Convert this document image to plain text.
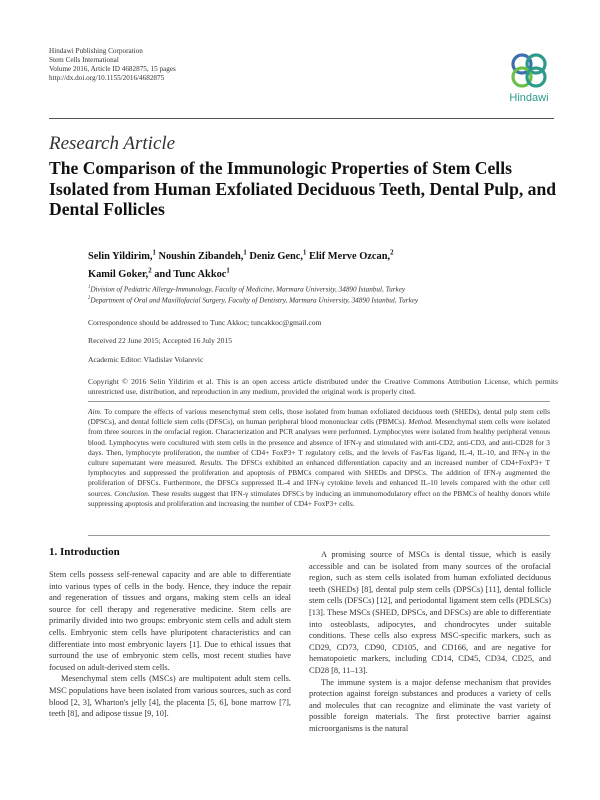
Hindawi Publishing Corporation
Stem Cells International
Volume 2016, Article ID 4682875, 15 pages
http://dx.doi.org/10.1155/2016/4682875
Hindawi
Research Article
The Comparison of the Immunologic Properties of Stem Cells Isolated from Human Exfoliated Deciduous Teeth, Dental Pulp, and Dental Follicles
Selin Yildirim,$^1$ Noushin Zibandeh,$^1$ Deniz Genc,$^1$ Elif Merve Ozcan,$^2$
Kamil Goker,$^2$ and Tunc Akkoc$^1$
$^1$Division of Pediatric Allergy-Immunology, Faculty of Medicine, Marmara University, 34890 Istanbul, Turkey
$^2$Department of Oral and Maxillofacial Surgery, Faculty of Dentistry, Marmara University, 34890 Istanbul, Turkey
Correspondence should be addressed to Tunc Akkoc; tuncakkoc@gmail.com
Received 22 June 2015; Accepted 16 July 2015
Academic Editor: Vladislav Volarevic
Copyright © 2016 Selin Yildirim et al. This is an open access article distributed under the Creative Commons Attribution License, which permits unrestricted use, distribution, and reproduction in any medium, provided the original work is properly cited.
Aim. To compare the effects of various mesenchymal stem cells, those isolated from human exfoliated deciduous teeth (SHEDs), dental pulp stem cells (DPSCs), and dental follicle stem cells (DFSCs), on human peripheral blood mononuclear cells (PBMCs). Method. Mesenchymal stem cells were isolated from three sources in the orofacial region. Characterization and PCR analyses were performed. Lymphocytes were isolated from healthy peripheral venous blood. Lymphocytes were cocultured with stem cells in the presence and absence of IFN-γ and stimulated with anti-CD2, anti-CD3, and anti-CD28 for 3 days. Then, lymphocyte proliferation, the number of CD4+ FoxP3+ T regulatory cells, and the levels of Fas/Fas ligand, IL-4, IL-10, and IFN-γ in the culture supernatant were measured. Results. The DFSCs exhibited an enhanced differentiation capacity and an increased number of CD4+FoxP3+ T lymphocytes and suppressed the proliferation and apoptosis of PBMCs compared with SHEDs and DPSCs. The addition of IFN-γ augmented the proliferation of DFSCs. Furthermore, the DFSCs suppressed IL-4 and IFN-γ cytokine levels and enhanced IL-10 levels compared with the other cell sources. Conclusion. These results suggest that IFN-γ stimulates DFSCs by inducing an immunomodulatory effect on the PBMCs of healthy donors while suppressing apoptosis and proliferation and increasing the number of CD4+ FoxP3+ cells.
1. Introduction

Stem cells possess self-renewal capacity and are able to differentiate into various types of cells in the body. Hence, they induce the repair and regeneration of tissues and organs, making stem cells an ideal source for cell therapy and regenerative medicine. Stem cells are primarily divided into two groups: embryonic stem cells and adult stem cells. Embryonic stem cells have pluripotent characteristics and can differentiate into most embryonic layers [1]. Due to ethical issues that surround the use of embryonic stem cells, most recent studies have focused on adult-derived stem cells.

Mesenchymal stem cells (MSCs) are multipotent adult stem cells. MSC populations have been isolated from various sources, such as cord blood [2, 3], Wharton's jelly [4], the placenta [5, 6], bone marrow [7], teeth [8], and adipose tissue [9, 10].

A promising source of MSCs is dental tissue, which is easily accessible and can be isolated from many sources of the orofacial region, such as stem cells isolated from human exfoliated deciduous teeth (SHEDs) [8], dental pulp stem cells (DPSCs) [11], dental follicle stem cells (DFSCs) [12], and periodontal ligament stem cells (PDLSCs) [13]. These MSCs (SHED, DPSCs, and DFSCs) are able to differentiate into osteoblasts, adipocytes, and chondrocytes under suitable conditions. These cells also express MSC-specific markers, such as CD29, CD73, CD90, CD105, and CD166, and are negative for hematopoietic markers, including CD14, CD45, CD34, CD25, and CD28 [8, 11–13].

The immune system is a major defense mechanism that provides protection against foreign substances and produces a variety of cells and molecules that can recognize and eliminate the vast variety of possible foreign materials. The first protective barrier against microorganisms is the natural
